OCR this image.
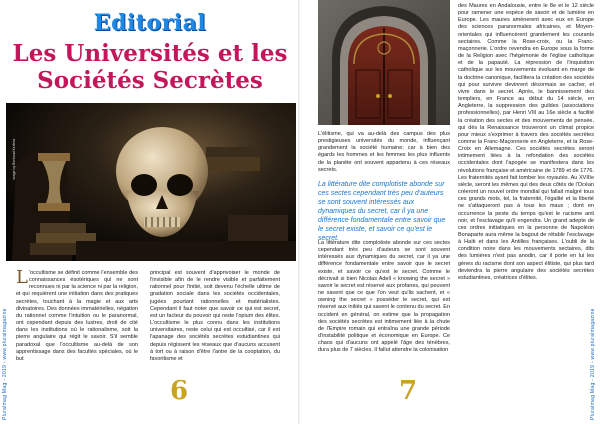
Editorial
Les Universités et les Sociétés Secrètes
image by Bertrand Kertesz

L 'occultisme se définit comme l'ensemble des connaissances ésotériques qui ne sont reconnues ni par la science ni par la religion, et qui requièrent une initiation dans des pratiques secrètes, touchant à la magie et aux arts divinatoires. Des données immatérielles, négation du rationnel comme l'intuition ou le paranormal, ont cependant depuis des lustres, droit de cité dans les institutions où le rationalisme, soit la pierre angulaire qui régit le savoir. S'il semble paradoxal que l'occultisme au-delà de son apprentissage dans des facultés spéciales, où le but

principal est souvent d'apprivoiser le monde de l'invisible afin de le rendre visible et parfaitement rationnel pour l'initié, soit devenu l'échelle ultime de gradation sociale dans les sociétés occidentales, jugées pourtant rationnelles et matérialistes. Cependant il faut noter que savoir ce qui est secret, est un facteur du pouvoir qui reste l'opium des élites. L'occultisme le plus connu dans les institutions universitaires, reste celui qui est occultisé, car il est l'apanage des sociétés secrètes estudiantines qui depuis régissent les réseaux que d'aucuns accusent à tort ou à raison d'être l'antre de la cooptation, du favoritisme et

6

L'élitisme, qui va au-delà des campus des plus prestigieuses universités du monde, influençant grandement la société humaine; car à bien des égards les hommes et les femmes les plus influents de la planète ont souvent appartenu à ces réseaux secrets.

La littérature dite complotiste abonde sur ces sectes cependant très peu d'auteurs se sont souvent intéressés aux dynamiques du secret, car il ya une différence fondamentale entre savoir que le secret existe, et savoir ce qu'est le secret.

La littérature dite complotiste abonde sur ces sectes cependant très peu d'auteurs se sont souvent intéressés aux dynamiques du secret, car il ya une différence fondamentale entre savoir que le secret existe, et savoir ce qu'est le secret. Comme le décrivait si bien Nicolas Adell « knowing the secret » savoir le secret est réservé aux profanes, qui peuvent ne savent que ce que l'on veut qu'ils sachent, et « owning the secret » posséder le secret, qui est réservé aux initiés qui savent le contenu du secret. En occident en général, on estime que la propagation des sociétés secrètes est intimement liée à la chute de l'Empire romain qui entraîna une grande période d'instabilité politique et économique en Europe. Ce chaos qui d'aucuns ont appelé l'âge des ténèbres, dura plus de 7 siècles. Il fallut attendre la colonisation

des Maures en Andalousie, entre le 8e et le 12 siècle pour ramener une espèce de savoir et de lumière en Europe. Les maures amènerent avec eux en Europe des sciences paranormales africaines, et Moyen-orientales qui influencèrent grandement les courants sectaires. Comme la Rose-croix, ou la Franc-maçonnerie. L'ordre revendra en Europe sous la forme de la Religion avec l'hégémonie de l'église catholique et de la papauté. La répression de l'inquisition catholique sur les mouvements évoluant en marge de la doctrine canonique, facilitera la création des sociétés qui pour survivre devinrent désormais se cacher, et vivre dans le secret. Après, le bannissement des templiers, en France au début du 14 siècle, en Angleterre, la suppression des guildes (associations professionnelles), par Henri VIII au 16e siècle a facilité la création des sectes et des mouvements de pensée, qui dès la Renaissance trouveront un climat propice pour mieux s'exprimer à travers des sociétés secrètes comme la Franc-Maçonnerie en Angleterre, et la Rose-Croix en Allemagne. Ces sociétés secrètes seront intimement liées à la refondation des sociétés occidentales dont l'apogée se manifestera dans les révolutions française et américaine de 1789 et de 1776. Les fraternités ayant fait tomber les royautés. Au XVIIIe siècle, seront les mêmes qui des deux côtés de l'Océan créeront un nouvel ordre mondial qui fallait malgré tous ces grands mots, tel, la fraternité, l'égalité et la liberté ne s'attaqueront pas à tous les maux ; dont en occurrence la peste du temps qu'est le racisme anti noir, et l'esclavage qu'il engendra. Un grand adepte de ces ordres initiatiques en la personne de Napoléon Bonaparte aura même la bagout de rétablir l'esclavage à Haïti et dans les Antilles françaises. L'oubli de la condition noire dans les mouvements sectaires, dits des lumières n'est pas anodin, car il porte en lui les gènes du racisme dont son aspect élitiste, qui plus tard deviendra la pierre angulaire des sociétés secrètes estudiantines, créatrices d'élites.

7
Pluralmag Mag - 2019 - www.pluralmagazine	Pluralmag Mag - 2019 - www.pluralmagazine
